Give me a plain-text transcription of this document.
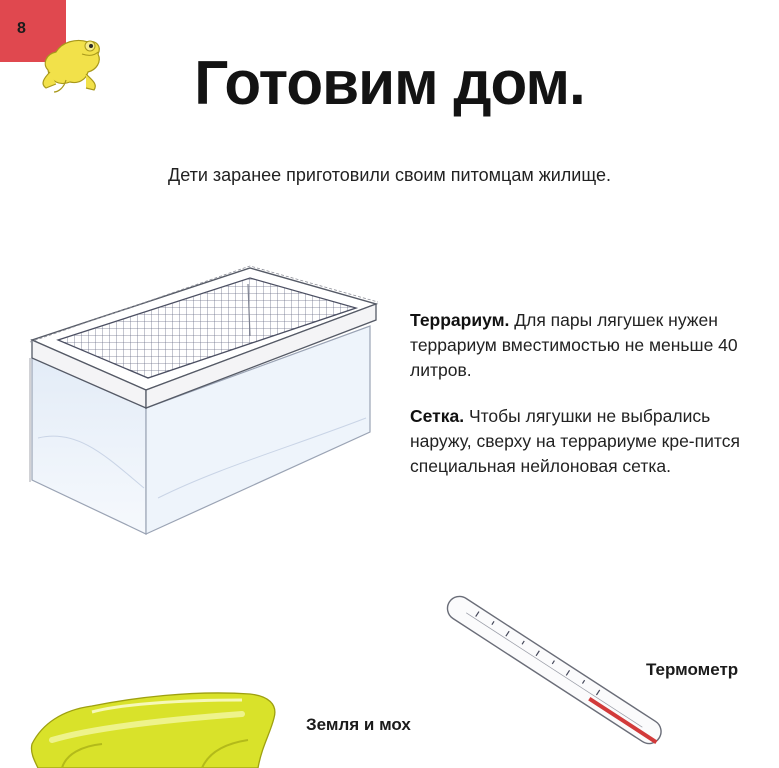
8
Готовим дом.

Дети заранее приготовили своим питомцам жилище.

Террариум. Для пары лягушек нужен террариум вместимостью не меньше 40 литров.
Сетка. Чтобы лягушки не выбрались наружу, сверху на террариуме кре-пится специальная нейлоновая сетка.
Термометр
Земля и мох
